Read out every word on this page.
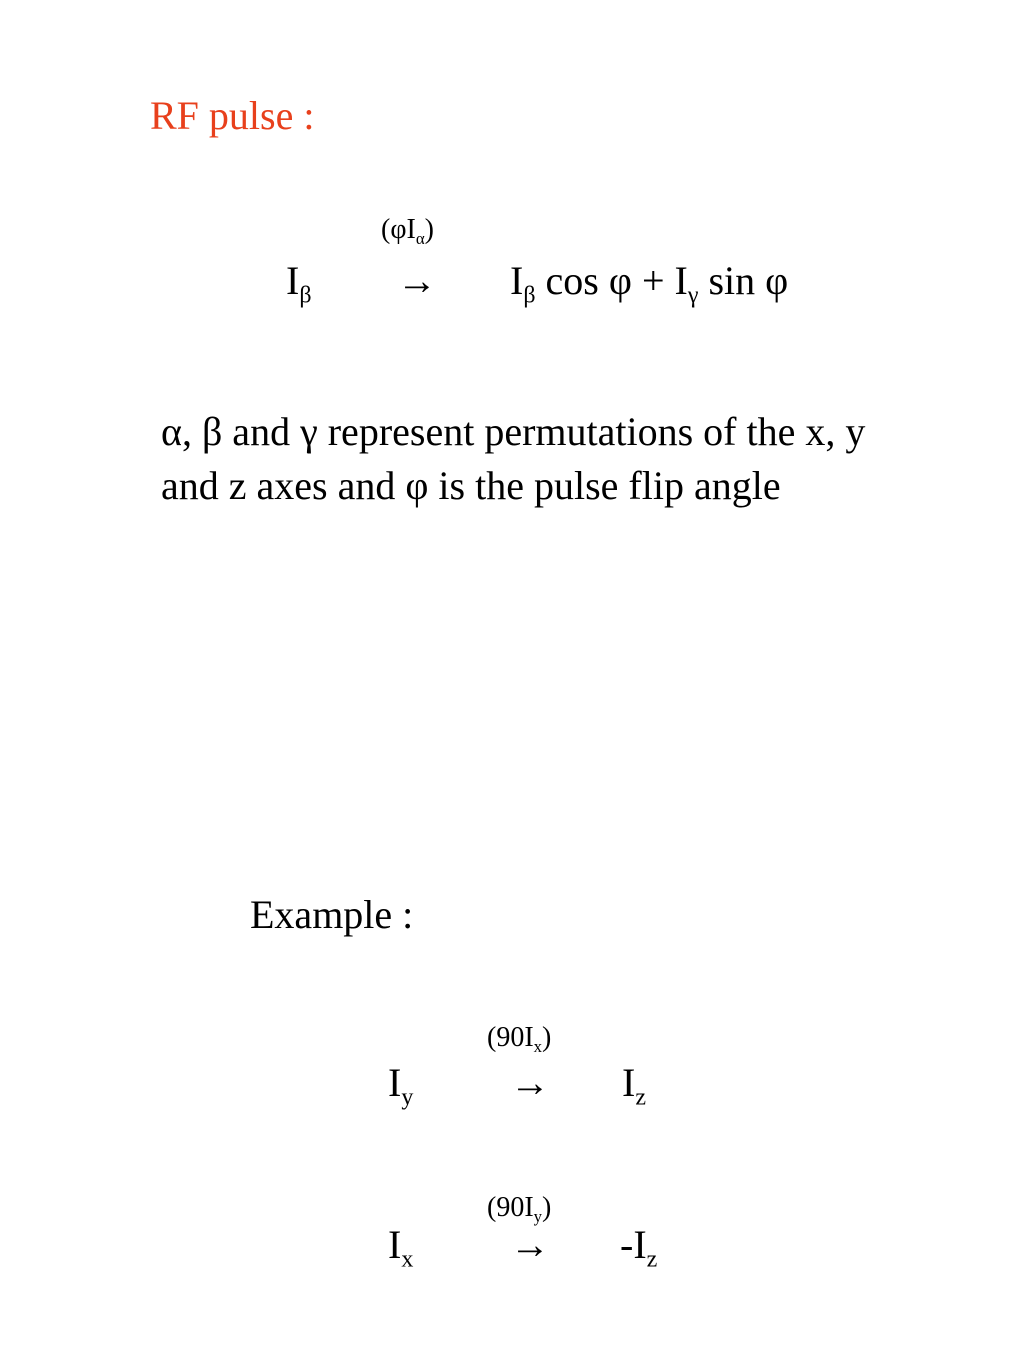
RF pulse :
$(\varphi I_\alpha)$
$I_\beta \to I_\beta$ $\cos \varphi + I_\gamma$ sin φ
α, β and γ represent permutations of the x, y
and z axes and φ is the pulse flip angle
Example :
$(90I_x)$
$I_y \to I_z$
$(90I_y)$
$I_x \to -I_z$
